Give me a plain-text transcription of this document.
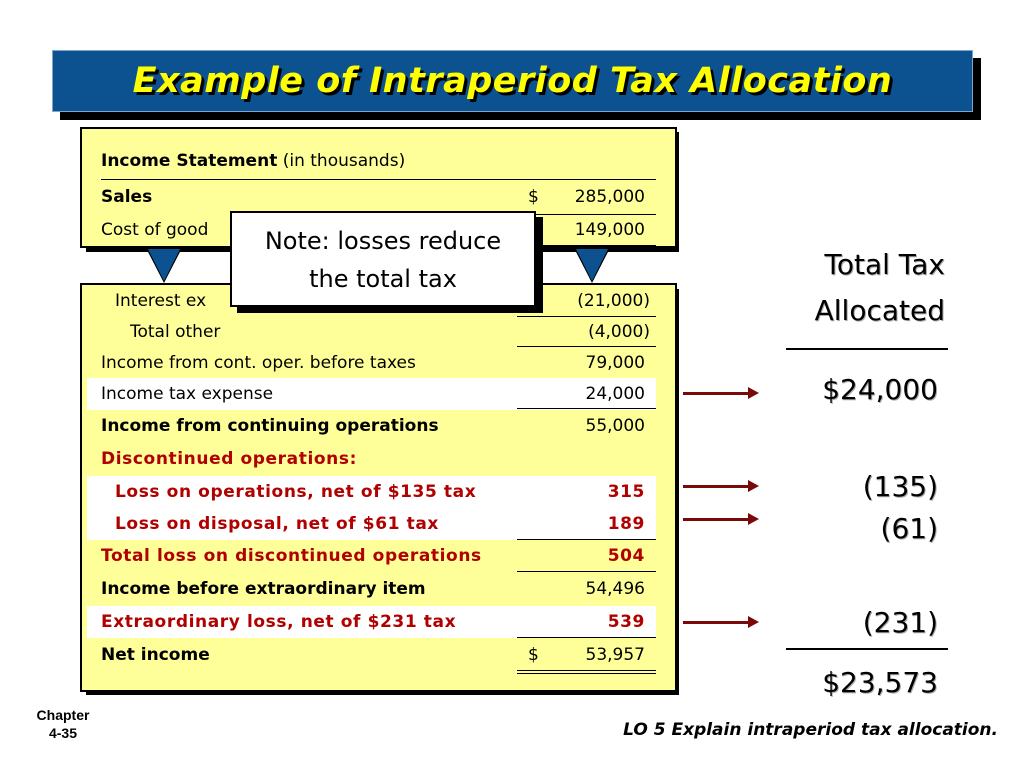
Example of Intraperiod Tax Allocation
Income Statement (in thousands)
Sales	$	285,000
Cost of good	149,000
Interest ex	(21,000)
Total other	(4,000)
Income from cont. oper. before taxes	79,000
Income tax expense	24,000
Income from continuing operations	55,000
Discontinued operations:
Loss on operations, net of $135 tax	315
Loss on disposal, net of $61 tax	189
Total loss on discontinued operations	504
Income before extraordinary item	54,496
Extraordinary loss, net of $231 tax	539
Net income	$	53,957
Note: losses reduce
the total tax	Total Tax
Allocated
$24,000
(135)
(61)
(231)
$23,573
Chapter
4-35	LO 5 Explain intraperiod tax allocation.
